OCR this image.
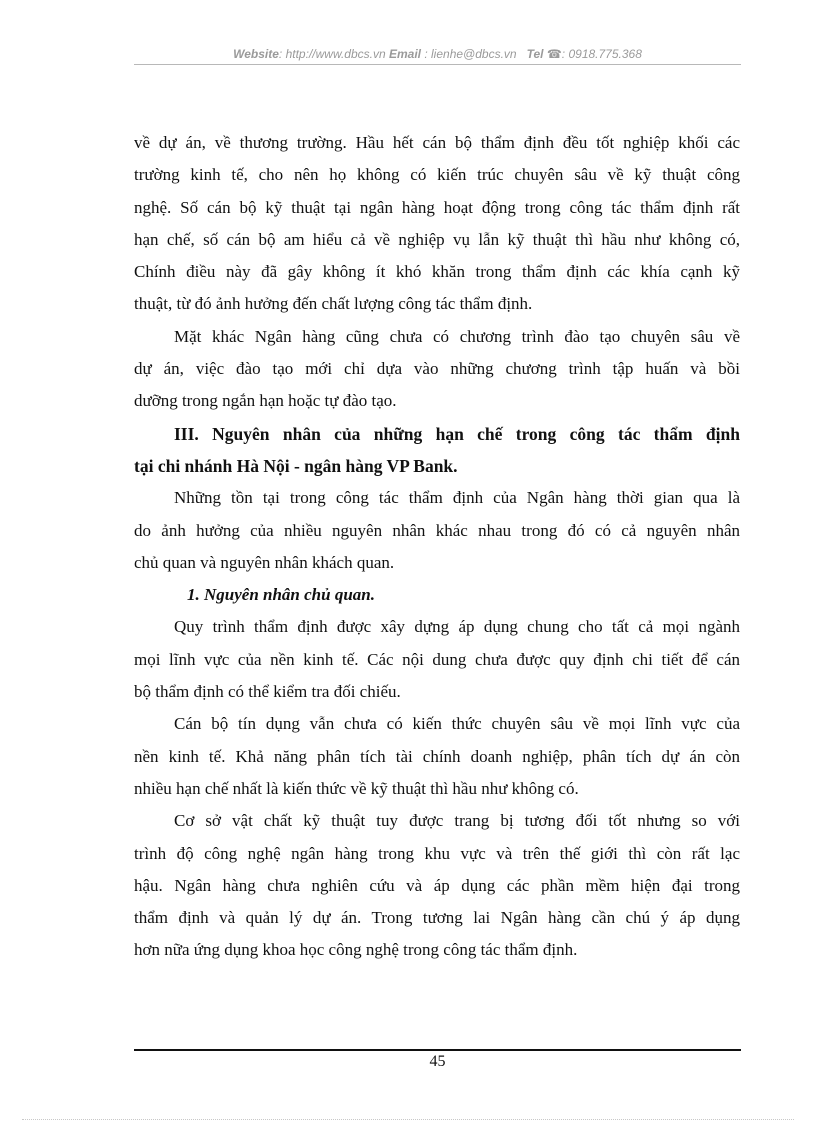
Website: http://www.dbcs.vn Email : lienhe@dbcs.vn Tel ☎: 0918.775.368
về dự án, về thương trường. Hầu hết cán bộ thẩm định đều tốt nghiệp khối các
trường kinh tế, cho nên họ không có kiến trúc chuyên sâu về kỹ thuật công
nghệ. Số cán bộ kỹ thuật tại ngân hàng hoạt động trong công tác thẩm định rất
hạn chế, số cán bộ am hiểu cả về nghiệp vụ lẫn kỹ thuật thì hầu như không có,
Chính điều này đã gây không ít khó khăn trong thẩm định các khía cạnh kỹ
thuật, từ đó ảnh hưởng đến chất lượng công tác thẩm định.
Mặt khác Ngân hàng cũng chưa có chương trình đào tạo chuyên sâu về
dự án, việc đào tạo mới chỉ dựa vào những chương trình tập huấn và bồi
dưỡng trong ngắn hạn hoặc tự đào tạo.
III. Nguyên nhân của những hạn chế trong công tác thẩm định
tại chi nhánh Hà Nội - ngân hàng VP Bank.
Những tồn tại trong công tác thẩm định của Ngân hàng thời gian qua là
do ảnh hưởng của nhiều nguyên nhân khác nhau trong đó có cả nguyên nhân
chủ quan và nguyên nhân khách quan.
1. Nguyên nhân chủ quan.
Quy trình thẩm định được xây dựng áp dụng chung cho tất cả mọi ngành
mọi lĩnh vực của nền kinh tế. Các nội dung chưa được quy định chi tiết để cán
bộ thẩm định có thể kiểm tra đối chiếu.
Cán bộ tín dụng vẫn chưa có kiến thức chuyên sâu về mọi lĩnh vực của
nền kinh tế. Khả năng phân tích tài chính doanh nghiệp, phân tích dự án còn
nhiều hạn chế nhất là kiến thức về kỹ thuật thì hầu như không có.
Cơ sở vật chất kỹ thuật tuy được trang bị tương đối tốt nhưng so với
trình độ công nghệ ngân hàng trong khu vực và trên thế giới thì còn rất lạc
hậu. Ngân hàng chưa nghiên cứu và áp dụng các phần mềm hiện đại trong
thẩm định và quản lý dự án. Trong tương lai Ngân hàng cần chú ý áp dụng
hơn nữa ứng dụng khoa học công nghệ trong công tác thẩm định.
45
